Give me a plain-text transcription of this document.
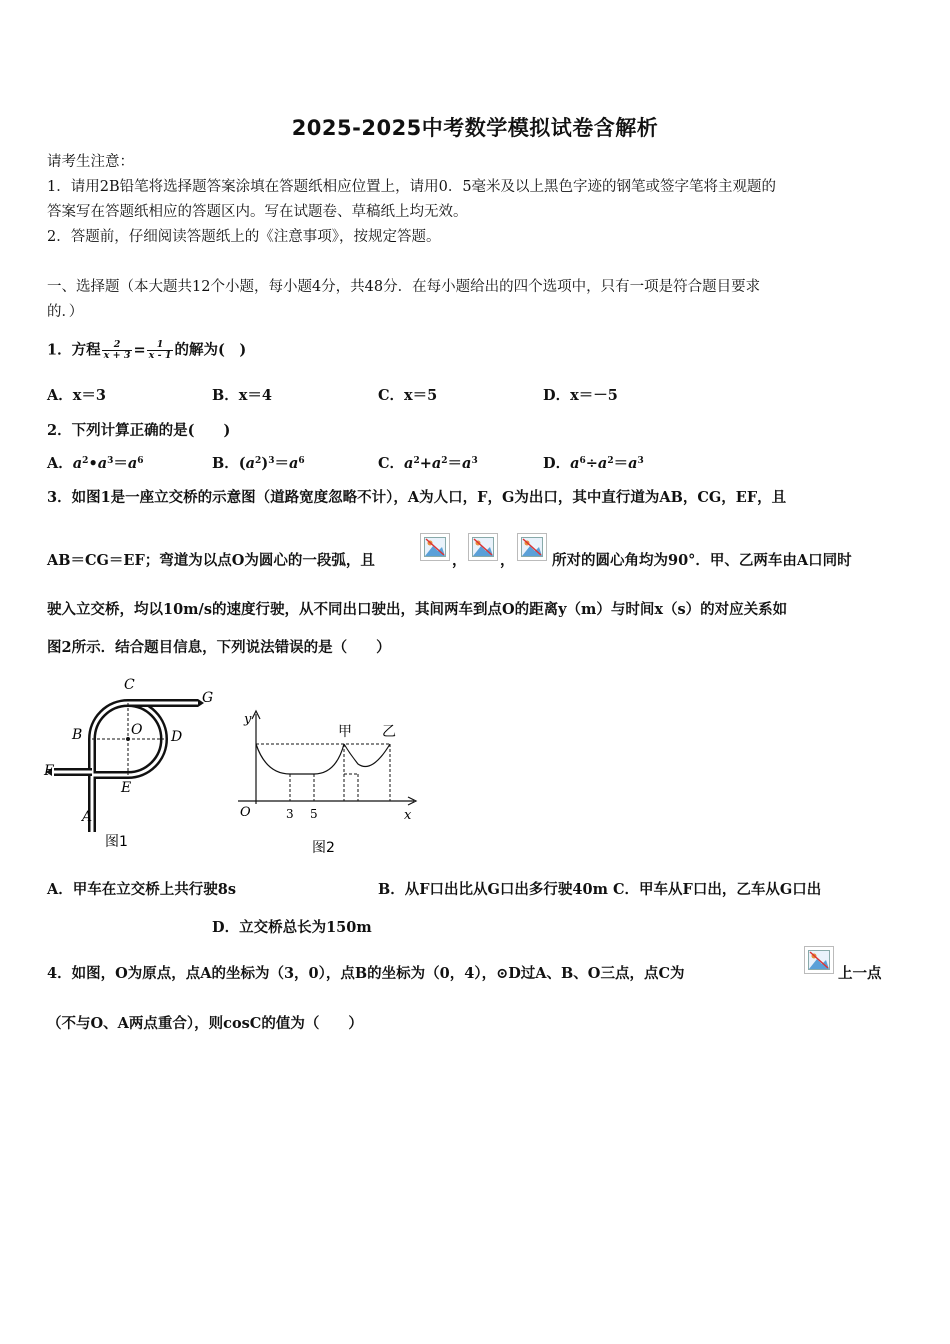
2025-2025中考数学模拟试卷含解析
请考生注意：
1．请用2B铅笔将选择题答案涂填在答题纸相应位置上，请用0．5毫米及以上黑色字迹的钢笔或签字笔将主观题的
答案写在答题纸相应的答题区内。写在试题卷、草稿纸上均无效。
2．答题前，仔细阅读答题纸上的《注意事项》，按规定答题。
一、选择题（本大题共12个小题，每小题4分，共48分．在每小题给出的四个选项中，只有一项是符合题目要求
的．）
1．方程 $\frac{2}{x + 3} = \frac{1}{x - 1}$ 的解为(　)
A．x＝3	B．x＝4	C．x＝5	D．x＝－5
2．下列计算正确的是(　　)
A．$a^2•a^3=a^6$	B．$(a^2)^3=a^6$	C．$a^2+a^2=a^3$	D．$a^6\div a^2=a^3$
3．如图1是一座立交桥的示意图（道路宽度忽略不计），A为人口，F，G为出口，其中直行道为AB，CG，EF，且
AB＝CG＝EF；弯道为以点O为圆心的一段弧，且	， ，	所对的圆心角均为90°．甲、乙两车由A口同时
驶入立交桥，均以10m/s的速度行驶，从不同出口驶出，其间两车到点O的距离y（m）与时间x（s）的对应关系如
图2所示．结合题目信息，下列说法错误的是（　　）
C
G
B	O D
F
E
A
图1
y
x
O	3 5
甲 乙
图2
A．甲车在立交桥上共行驶8s	B．从F口出比从G口出多行驶40m C．甲车从F口出，乙车从G口出
D．立交桥总长为150m
4．如图，O为原点，点A的坐标为（3，0），点B的坐标为（0，4），⊙D过A、B、O三点，点C为	上一点
（不与O、A两点重合），则cosC的值为（　　）
